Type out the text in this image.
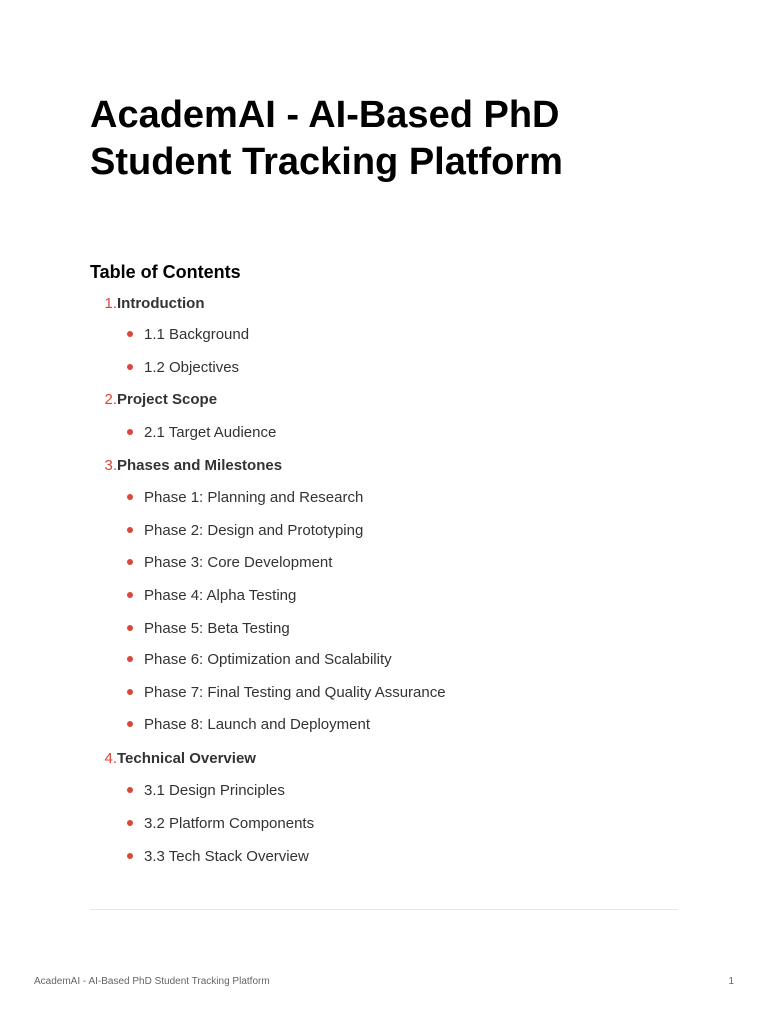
AcademAI - AI-Based PhD Student Tracking Platform
Table of Contents
1.Introduction
1.1 Background
1.2 Objectives
2.Project Scope
2.1 Target Audience
3.Phases and Milestones
Phase 1: Planning and Research
Phase 2: Design and Prototyping
Phase 3: Core Development
Phase 4: Alpha Testing
Phase 5: Beta Testing
Phase 6: Optimization and Scalability
Phase 7: Final Testing and Quality Assurance
Phase 8: Launch and Deployment
4.Technical Overview
3.1 Design Principles
3.2 Platform Components
3.3 Tech Stack Overview
AcademAI - AI-Based PhD Student Tracking Platform	1
